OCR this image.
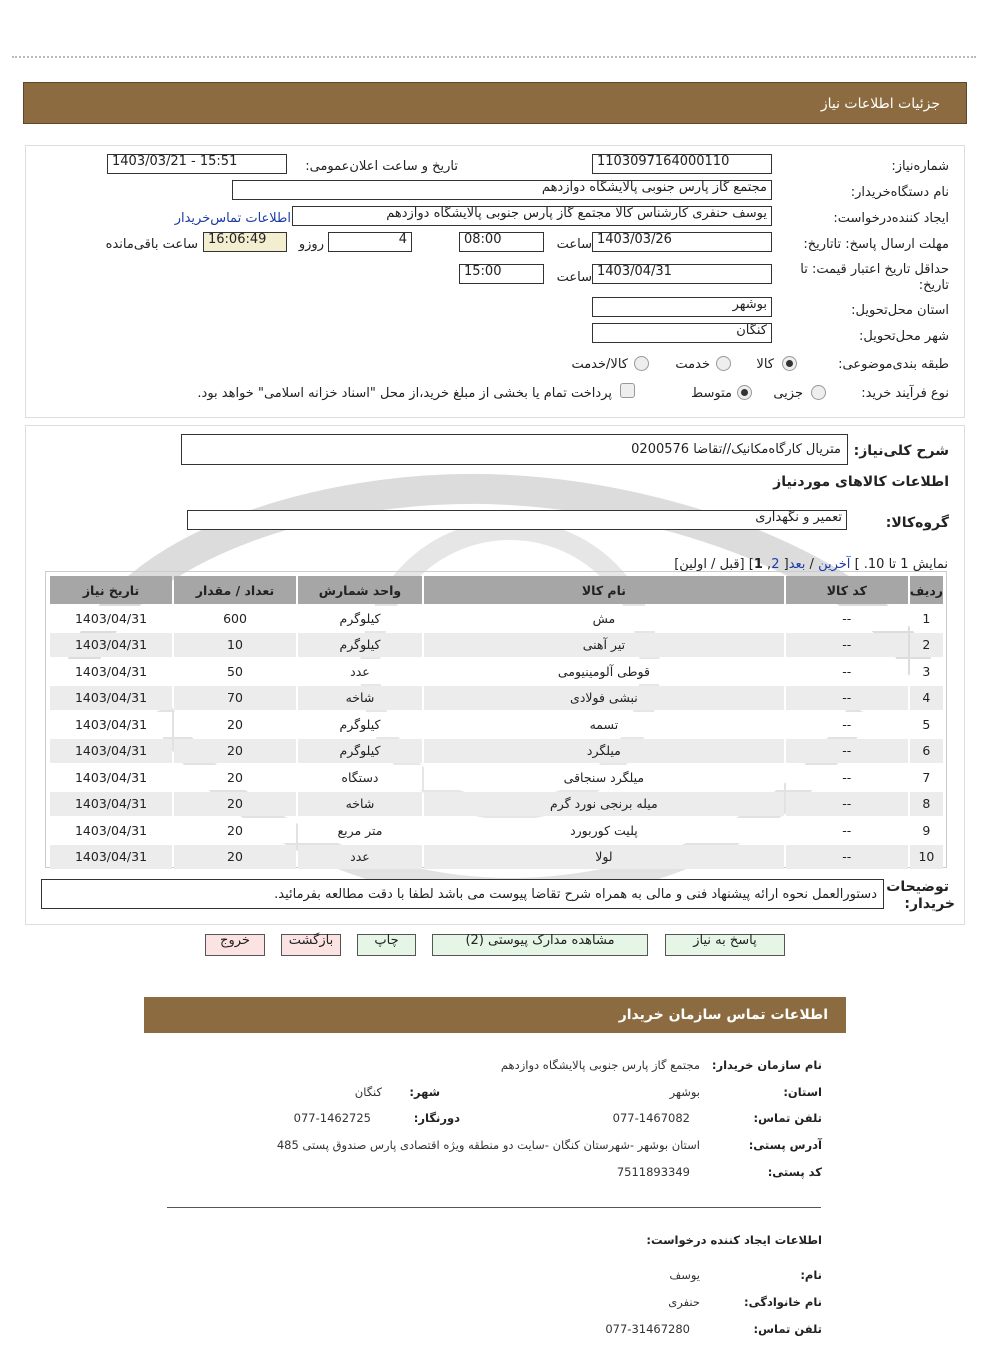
جزئیات اطلاعات نیاز
شماره‌نیاز:
1103097164000110
تاریخ و ساعت اعلان‌عمومی:
1403/03/21 - 15:51
نام دستگاه‌خریدار:
مجتمع گاز پارس جنوبی پالایشگاه دوازدهم
ایجاد کننده‌درخواست:
یوسف حنفری کارشناس کالا مجتمع گاز پارس جنوبی پالایشگاه دوازدهم
اطلاعات تماس‌خریدار
مهلت ارسال پاسخ: تاتاریخ:
1403/03/26
ساعت
08:00
4
روزو
16:06:49
ساعت باقی‌مانده
حداقل تاریخ اعتبار قیمت: تا تاریخ:
1403/04/31
ساعت
15:00
استان محل‌تحویل:
بوشهر
شهر محل‌تحویل:
کنگان
طبقه بندی‌موضوعی:
کالا
خدمت
کالا/خدمت
نوع فرآیند خرید:
جزیی
متوسط
پرداخت تمام یا بخشی از مبلغ خرید،از محل "اسناد خزانه اسلامی" خواهد بود.
شرح کلی‌نیاز:
متریال کارگاه‌مکانیک//تقاضا 0200576
اطلاعات کالاهای مورد‌نیاز
گروه‌کالا:
تعمیر و نگهداری
نمایش 1 تا 10. ] آخرین / بعد[ 2, 1] [قبل / اولین]
ردیف	کد کالا	نام کالا	واحد شمارش	تعداد / مقدار	تاریخ نیاز
1	--	مش	کیلوگرم	600	1403/04/31
2	--	تیر آهنی	کیلوگرم	10	1403/04/31
3	--	قوطی آلومینیومی	عدد	50	1403/04/31
4	--	نبشی فولادی	شاخه	70	1403/04/31
5	--	تسمه	کیلوگرم	20	1403/04/31
6	--	میلگرد	کیلوگرم	20	1403/04/31
7	--	میلگرد سنجاقی	دستگاه	20	1403/04/31
8	--	میله برنجی نورد گرم	شاخه	20	1403/04/31
9	--	پلیت کوربورد	متر مربع	20	1403/04/31
10	--	لولا	عدد	20	1403/04/31
توضیحات
خریدار:
دستورالعمل نحوه ارائه پیشنهاد فنی و مالی به همراه شرح تقاضا پیوست می باشد لطفا با دقت مطالعه بفرمائید.
پاسخ به نیاز
مشاهده مدارک پیوستی (2)
چاپ
بازگشت
خروج
اطلاعات تماس سازمان خریدار
نام سازمان خریدار:
مجتمع گاز پارس جنوبی پالایشگاه دوازدهم
استان:
بوشهر
شهر:
کنگان
تلفن تماس:
077-1467082
دورنگار:
077-1462725
آدرس پستی:
استان بوشهر -شهرستان کنگان -سایت دو منطقه ویژه اقتصادی پارس صندوق پستی 485
کد پستی:
7511893349
اطلاعات ایجاد کننده درخواست:
نام:
یوسف
نام خانوادگی:
حنفری
تلفن تماس:
077-31467280
